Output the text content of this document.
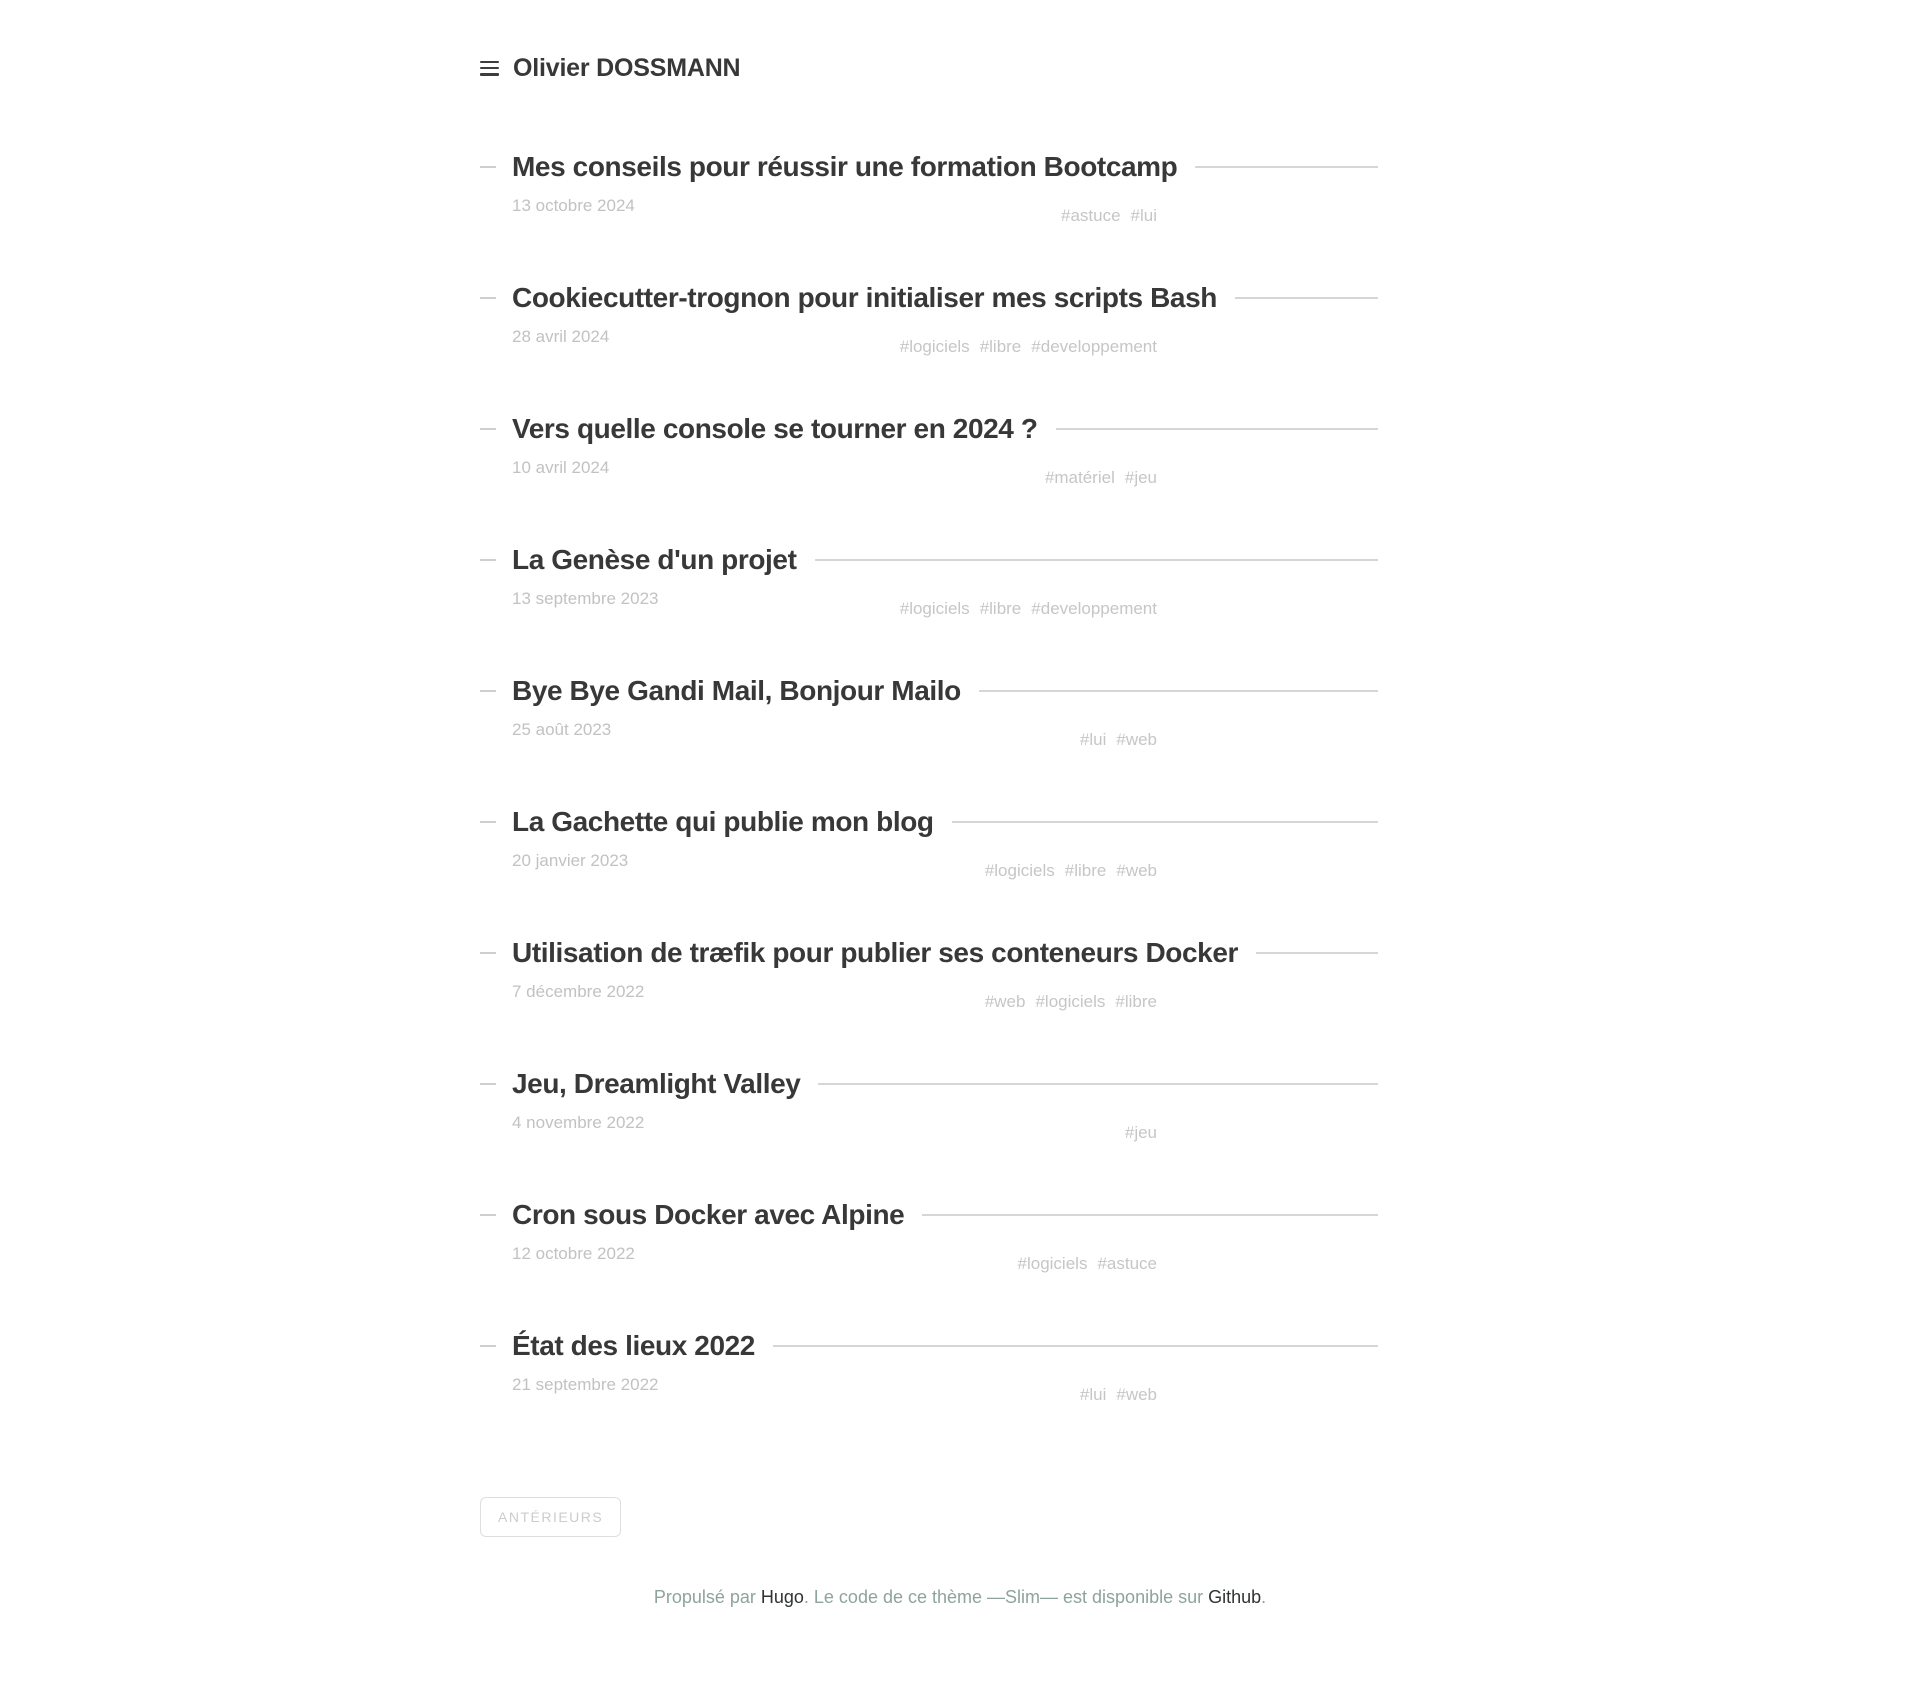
Olivier DOSSMANN
Mes conseils pour réussir une formation Bootcamp
13 octobre 2024
#astuce #lui
Cookiecutter-trognon pour initialiser mes scripts Bash
28 avril 2024
#logiciels #libre #developpement
Vers quelle console se tourner en 2024 ?
10 avril 2024
#matériel #jeu
La Genèse d'un projet
13 septembre 2023
#logiciels #libre #developpement
Bye Bye Gandi Mail, Bonjour Mailo
25 août 2023
#lui #web
La Gachette qui publie mon blog
20 janvier 2023
#logiciels #libre #web
Utilisation de træfik pour publier ses conteneurs Docker
7 décembre 2022
#web #logiciels #libre
Jeu, Dreamlight Valley
4 novembre 2022
#jeu
Cron sous Docker avec Alpine
12 octobre 2022
#logiciels #astuce
État des lieux 2022
21 septembre 2022
#lui #web
ANTÉRIEURS
Propulsé par Hugo. Le code de ce thème —Slim— est disponible sur Github.
